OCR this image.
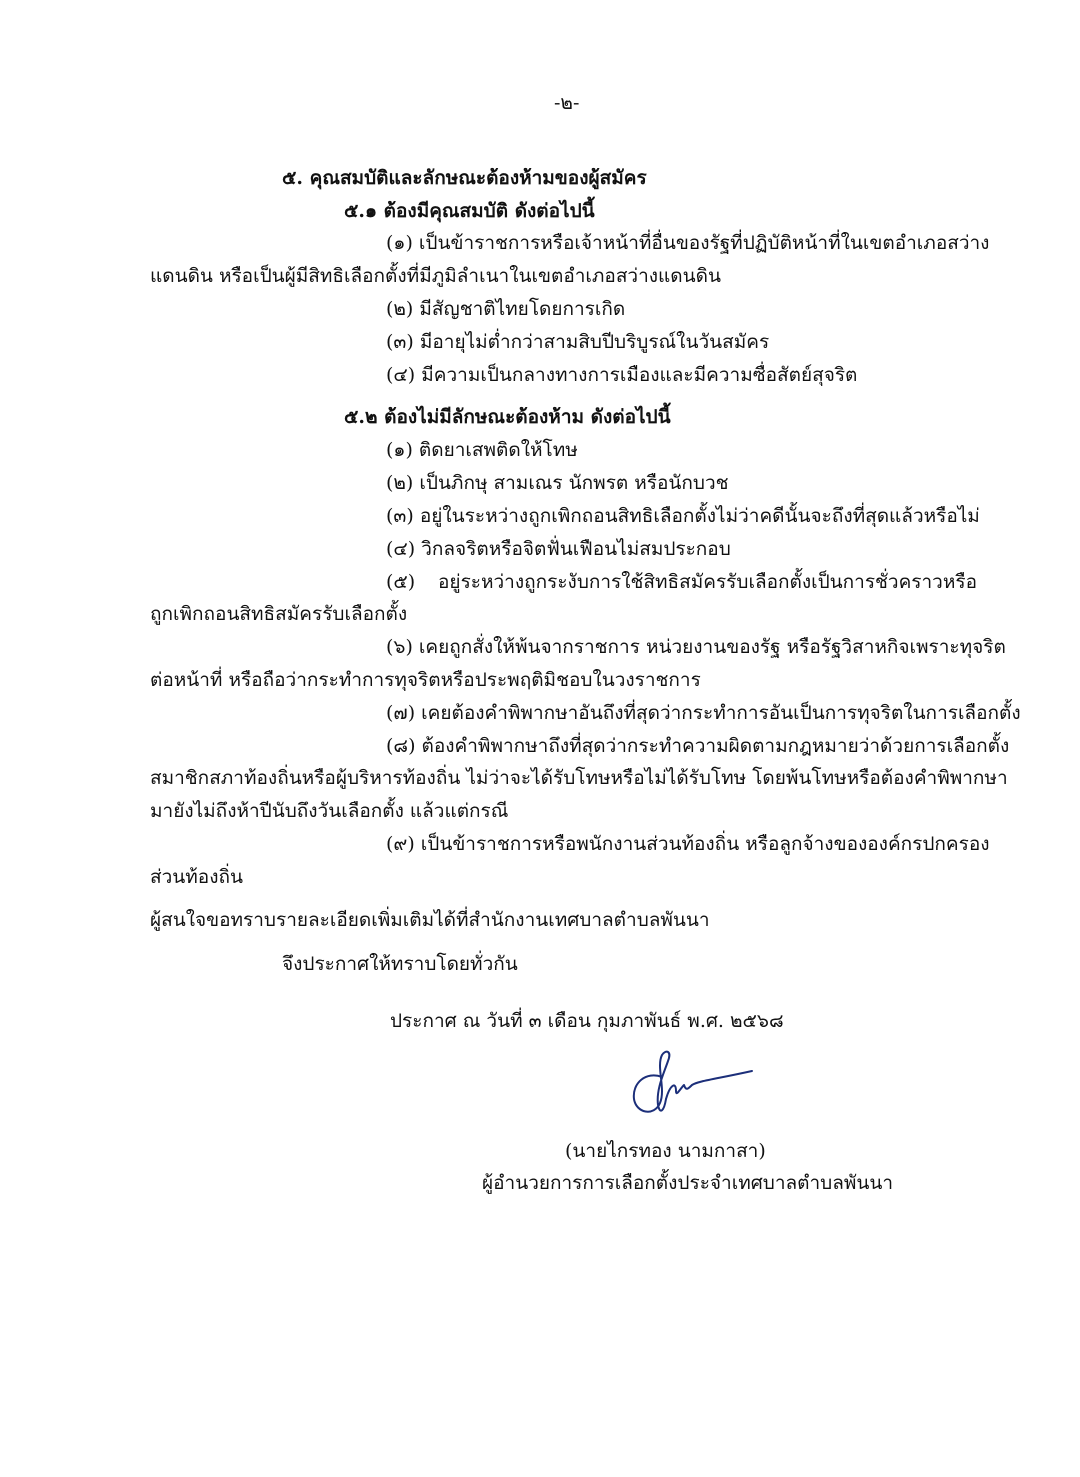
-๒-
๕. คุณสมบัติและลักษณะต้องห้ามของผู้สมัคร
๕.๑ ต้องมีคุณสมบัติ ดังต่อไปนี้
(๑) เป็นข้าราชการหรือเจ้าหน้าที่อื่นของรัฐที่ปฏิบัติหน้าที่ในเขตอำเภอสว่าง
แดนดิน หรือเป็นผู้มีสิทธิเลือกตั้งที่มีภูมิลำเนาในเขตอำเภอสว่างแดนดิน
(๒) มีสัญชาติไทยโดยการเกิด
(๓) มีอายุไม่ต่ำกว่าสามสิบปีบริบูรณ์ในวันสมัคร
(๔) มีความเป็นกลางทางการเมืองและมีความซื่อสัตย์สุจริต
๕.๒ ต้องไม่มีลักษณะต้องห้าม ดังต่อไปนี้
(๑) ติดยาเสพติดให้โทษ
(๒) เป็นภิกษุ สามเณร นักพรต หรือนักบวช
(๓) อยู่ในระหว่างถูกเพิกถอนสิทธิเลือกตั้งไม่ว่าคดีนั้นจะถึงที่สุดแล้วหรือไม่
(๔) วิกลจริตหรือจิตฟั่นเฟือนไม่สมประกอบ
(๕) อยู่ระหว่างถูกระงับการใช้สิทธิสมัครรับเลือกตั้งเป็นการชั่วคราวหรือ
ถูกเพิกถอนสิทธิสมัครรับเลือกตั้ง
(๖) เคยถูกสั่งให้พ้นจากราชการ หน่วยงานของรัฐ หรือรัฐวิสาหกิจเพราะทุจริต
ต่อหน้าที่ หรือถือว่ากระทำการทุจริตหรือประพฤติมิชอบในวงราชการ
(๗) เคยต้องคำพิพากษาอันถึงที่สุดว่ากระทำการอันเป็นการทุจริตในการเลือกตั้ง
(๘) ต้องคำพิพากษาถึงที่สุดว่ากระทำความผิดตามกฎหมายว่าด้วยการเลือกตั้ง
สมาชิกสภาท้องถิ่นหรือผู้บริหารท้องถิ่น ไม่ว่าจะได้รับโทษหรือไม่ได้รับโทษ โดยพ้นโทษหรือต้องคำพิพากษา
มายังไม่ถึงห้าปีนับถึงวันเลือกตั้ง แล้วแต่กรณี
(๙) เป็นข้าราชการหรือพนักงานส่วนท้องถิ่น หรือลูกจ้างขององค์กรปกครอง
ส่วนท้องถิ่น
ผู้สนใจขอทราบรายละเอียดเพิ่มเติมได้ที่สำนักงานเทศบาลตำบลพันนา
จึงประกาศให้ทราบโดยทั่วกัน
ประกาศ ณ วันที่ ๓ เดือน กุมภาพันธ์ พ.ศ. ๒๕๖๘
(นายไกรทอง นามกาสา)
ผู้อำนวยการการเลือกตั้งประจำเทศบาลตำบลพันนา
